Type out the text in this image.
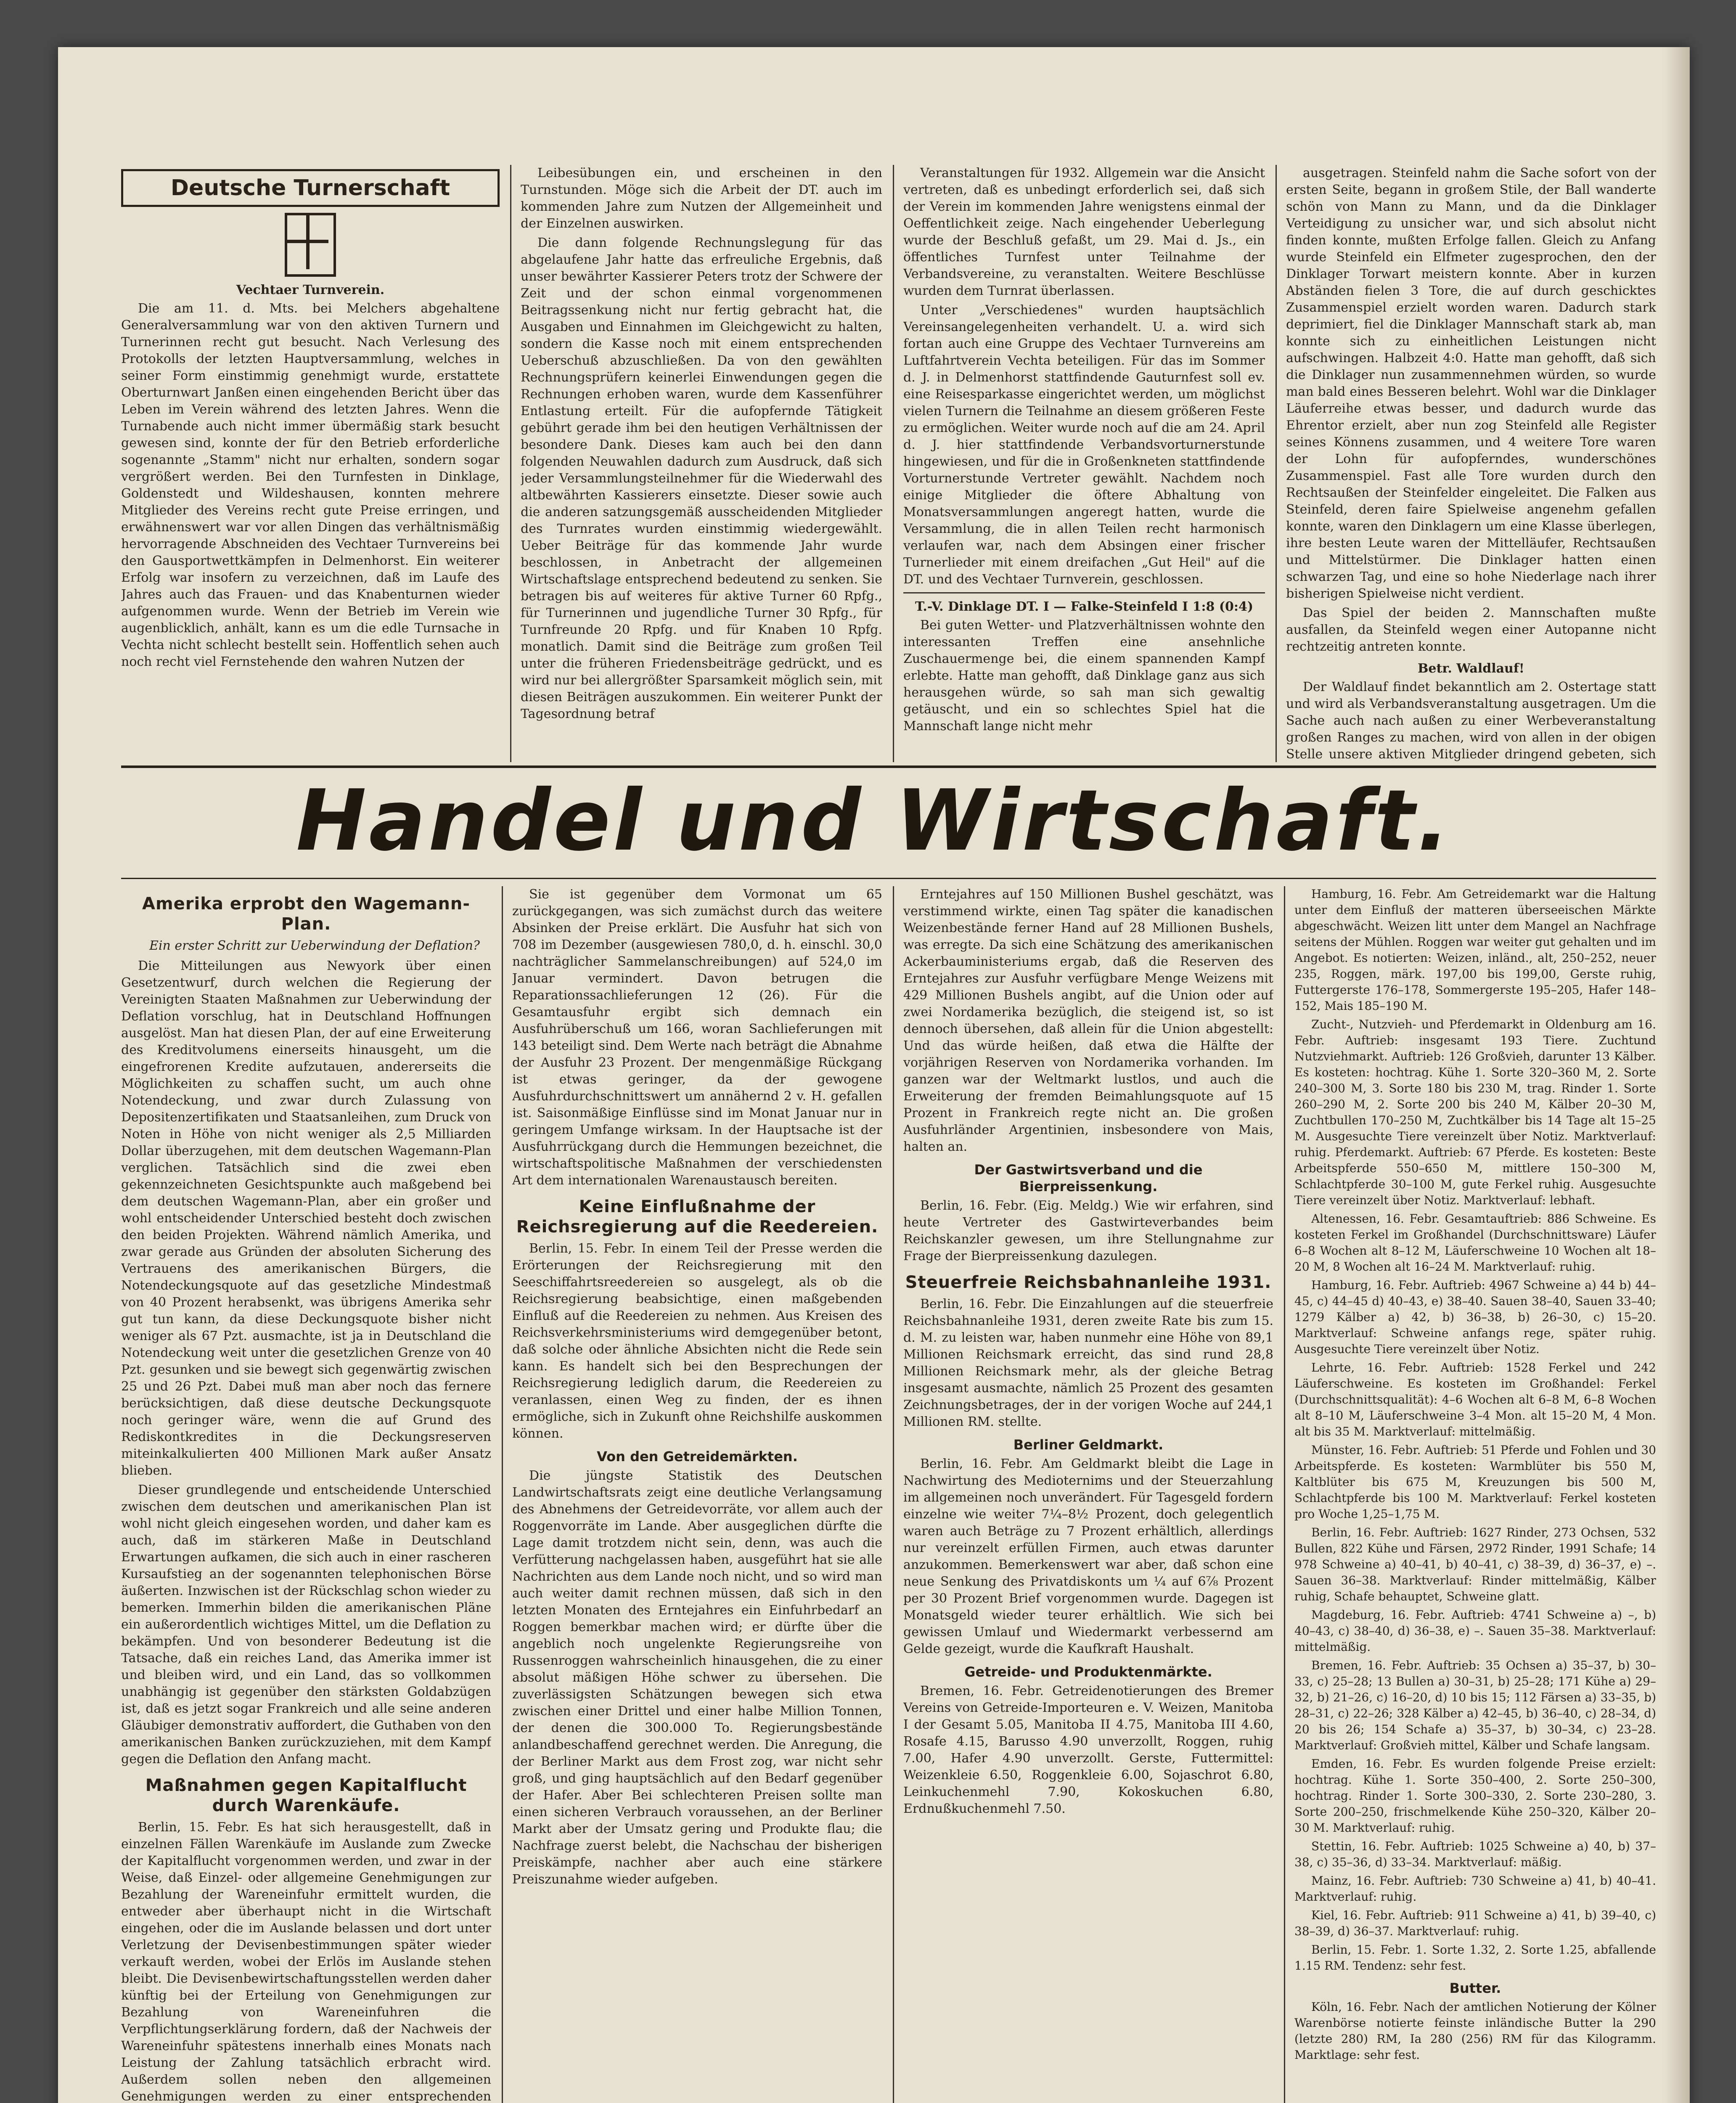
Deutsche Turnerschaft

Vechtaer Turnverein.

Die am 11. d. Mts. bei Melchers abgehaltene Generalversammlung war von den aktiven Turnern und Turnerinnen recht gut besucht. Nach Verlesung des Protokolls der letzten Hauptversammlung, welches in seiner Form einstimmig genehmigt wurde, erstattete Oberturnwart Janßen einen eingehenden Bericht über das Leben im Verein während des letzten Jahres. Wenn die Turnabende auch nicht immer übermäßig stark besucht gewesen sind, konnte der für den Betrieb erforderliche sogenannte „Stamm" nicht nur erhalten, sondern sogar vergrößert werden. Bei den Turnfesten in Dinklage, Goldenstedt und Wildeshausen, konnten mehrere Mitglieder des Vereins recht gute Preise erringen, und erwähnenswert war vor allen Dingen das verhältnismäßig hervorragende Abschneiden des Vechtaer Turnvereins bei den Gausportwettkämpfen in Delmenhorst. Ein weiterer Erfolg war insofern zu verzeichnen, daß im Laufe des Jahres auch das Frauen- und das Knabenturnen wieder aufgenommen wurde. Wenn der Betrieb im Verein wie augenblicklich, anhält, kann es um die edle Turnsache in Vechta nicht schlecht bestellt sein. Hoffentlich sehen auch noch recht viel Fernstehende den wahren Nutzen der

Leibesübungen ein, und erscheinen in den Turnstunden. Möge sich die Arbeit der DT. auch im kommenden Jahre zum Nutzen der Allgemeinheit und der Einzelnen auswirken.

Die dann folgende Rechnungslegung für das abgelaufene Jahr hatte das erfreuliche Ergebnis, daß unser bewährter Kassierer Peters trotz der Schwere der Zeit und der schon einmal vorgenommenen Beitragssenkung nicht nur fertig gebracht hat, die Ausgaben und Einnahmen im Gleichgewicht zu halten, sondern die Kasse noch mit einem entsprechenden Ueberschuß abzuschließen. Da von den gewählten Rechnungsprüfern keinerlei Einwendungen gegen die Rechnungen erhoben waren, wurde dem Kassenführer Entlastung erteilt. Für die aufopfernde Tätigkeit gebührt gerade ihm bei den heutigen Verhältnissen der besondere Dank. Dieses kam auch bei den dann folgenden Neuwahlen dadurch zum Ausdruck, daß sich jeder Versammlungsteilnehmer für die Wiederwahl des altbewährten Kassierers einsetzte. Dieser sowie auch die anderen satzungsgemäß ausscheidenden Mitglieder des Turnrates wurden einstimmig wiedergewählt. Ueber Beiträge für das kommende Jahr wurde beschlossen, in Anbetracht der allgemeinen Wirtschaftslage entsprechend bedeutend zu senken. Sie betragen bis auf weiteres für aktive Turner 60 Rpfg., für Turnerinnen und jugendliche Turner 30 Rpfg., für Turnfreunde 20 Rpfg. und für Knaben 10 Rpfg. monatlich. Damit sind die Beiträge zum großen Teil unter die früheren Friedensbeiträge gedrückt, und es wird nur bei allergrößter Sparsamkeit möglich sein, mit diesen Beiträgen auszukommen. Ein weiterer Punkt der Tagesordnung betraf

Veranstaltungen für 1932. Allgemein war die Ansicht vertreten, daß es unbedingt erforderlich sei, daß sich der Verein im kommenden Jahre wenigstens einmal der Oeffentlichkeit zeige. Nach eingehender Ueberlegung wurde der Beschluß gefaßt, um 29. Mai d. Js., ein öffentliches Turnfest unter Teilnahme der Verbandsvereine, zu veranstalten. Weitere Beschlüsse wurden dem Turnrat überlassen.

Unter „Verschiedenes" wurden hauptsächlich Vereinsangelegenheiten verhandelt. U. a. wird sich fortan auch eine Gruppe des Vechtaer Turnvereins am Luftfahrtverein Vechta beteiligen. Für das im Sommer d. J. in Delmenhorst stattfindende Gauturnfest soll ev. eine Reisesparkasse eingerichtet werden, um möglichst vielen Turnern die Teilnahme an diesem größeren Feste zu ermöglichen. Weiter wurde noch auf die am 24. April d. J. hier stattfindende Verbandsvorturnerstunde hingewiesen, und für die in Großenkneten stattfindende Vorturnerstunde Vertreter gewählt. Nachdem noch einige Mitglieder die öftere Abhaltung von Monatsversammlungen angeregt hatten, wurde die Versammlung, die in allen Teilen recht harmonisch verlaufen war, nach dem Absingen einer frischer Turnerlieder mit einem dreifachen „Gut Heil" auf die DT. und des Vechtaer Turnverein, geschlossen.

T.-V. Dinklage DT. I — Falke-Steinfeld I 1:8 (0:4)

Bei guten Wetter- und Platzverhältnissen wohnte den interessanten Treffen eine ansehnliche Zuschauermenge bei, die einem spannenden Kampf erlebte. Hatte man gehofft, daß Dinklage ganz aus sich herausgehen würde, so sah man sich gewaltig getäuscht, und ein so schlechtes Spiel hat die Mannschaft lange nicht mehr

ausgetragen. Steinfeld nahm die Sache sofort von der ersten Seite, begann in großem Stile, der Ball wanderte schön von Mann zu Mann, und da die Dinklager Verteidigung zu unsicher war, und sich absolut nicht finden konnte, mußten Erfolge fallen. Gleich zu Anfang wurde Steinfeld ein Elfmeter zugesprochen, den der Dinklager Torwart meistern konnte. Aber in kurzen Abständen fielen 3 Tore, die auf durch geschicktes Zusammenspiel erzielt worden waren. Dadurch stark deprimiert, fiel die Dinklager Mannschaft stark ab, man konnte sich zu einheitlichen Leistungen nicht aufschwingen. Halbzeit 4:0. Hatte man gehofft, daß sich die Dinklager nun zusammennehmen würden, so wurde man bald eines Besseren belehrt. Wohl war die Dinklager Läuferreihe etwas besser, und dadurch wurde das Ehrentor erzielt, aber nun zog Steinfeld alle Register seines Könnens zusammen, und 4 weitere Tore waren der Lohn für aufopferndes, wunderschönes Zusammenspiel. Fast alle Tore wurden durch den Rechtsaußen der Steinfelder eingeleitet. Die Falken aus Steinfeld, deren faire Spielweise angenehm gefallen konnte, waren den Dinklagern um eine Klasse überlegen, ihre besten Leute waren der Mittelläufer, Rechtsaußen und Mittelstürmer. Die Dinklager hatten einen schwarzen Tag, und eine so hohe Niederlage nach ihrer bisherigen Spielweise nicht verdient.

Das Spiel der beiden 2. Mannschaften mußte ausfallen, da Steinfeld wegen einer Autopanne nicht rechtzeitig antreten konnte.

Betr. Waldlauf!

Der Waldlauf findet bekanntlich am 2. Ostertage statt und wird als Verbandsveranstaltung ausgetragen. Um die Sache auch nach außen zu einer Werbeveranstaltung großen Ranges zu machen, wird von allen in der obigen Stelle unsere aktiven Mitglieder dringend gebeten, sich

Handel und Wirtschaft.
Amerika erprobt den Wagemann-Plan.

Ein erster Schritt zur Ueberwindung der Deflation?

Die Mitteilungen aus Newyork über einen Gesetzentwurf, durch welchen die Regierung der Vereinigten Staaten Maßnahmen zur Ueberwindung der Deflation vorschlug, hat in Deutschland Hoffnungen ausgelöst. Man hat diesen Plan, der auf eine Erweiterung des Kreditvolumens einerseits hinausgeht, um die eingefrorenen Kredite aufzutauen, andererseits die Möglichkeiten zu schaffen sucht, um auch ohne Notendeckung, und zwar durch Zulassung von Depositenzertifikaten und Staatsanleihen, zum Druck von Noten in Höhe von nicht weniger als 2,5 Milliarden Dollar überzugehen, mit dem deutschen Wagemann-Plan verglichen. Tatsächlich sind die zwei eben gekennzeichneten Gesichtspunkte auch maßgebend bei dem deutschen Wagemann-Plan, aber ein großer und wohl entscheidender Unterschied besteht doch zwischen den beiden Projekten. Während nämlich Amerika, und zwar gerade aus Gründen der absoluten Sicherung des Vertrauens des amerikanischen Bürgers, die Notendeckungsquote auf das gesetzliche Mindestmaß von 40 Prozent herabsenkt, was übrigens Amerika sehr gut tun kann, da diese Deckungsquote bisher nicht weniger als 67 Pzt. ausmachte, ist ja in Deutschland die Notendeckung weit unter die gesetzlichen Grenze von 40 Pzt. gesunken und sie bewegt sich gegenwärtig zwischen 25 und 26 Pzt. Dabei muß man aber noch das fernere berücksichtigen, daß diese deutsche Deckungsquote noch geringer wäre, wenn die auf Grund des Rediskontkredites in die Deckungsreserven miteinkalkulierten 400 Millionen Mark außer Ansatz blieben.

Dieser grundlegende und entscheidende Unterschied zwischen dem deutschen und amerikanischen Plan ist wohl nicht gleich eingesehen worden, und daher kam es auch, daß im stärkeren Maße in Deutschland Erwartungen aufkamen, die sich auch in einer rascheren Kursaufstieg an der sogenannten telephonischen Börse äußerten. Inzwischen ist der Rückschlag schon wieder zu bemerken. Immerhin bilden die amerikanischen Pläne ein außerordentlich wichtiges Mittel, um die Deflation zu bekämpfen. Und von besonderer Bedeutung ist die Tatsache, daß ein reiches Land, das Amerika immer ist und bleiben wird, und ein Land, das so vollkommen unabhängig ist gegenüber den stärksten Goldabzügen ist, daß es jetzt sogar Frankreich und alle seine anderen Gläubiger demonstrativ auffordert, die Guthaben von den amerikanischen Banken zurückzuziehen, mit dem Kampf gegen die Deflation den Anfang macht.

Maßnahmen gegen Kapitalflucht durch Warenkäufe.

Berlin, 15. Febr. Es hat sich herausgestellt, daß in einzelnen Fällen Warenkäufe im Auslande zum Zwecke der Kapitalflucht vorgenommen werden, und zwar in der Weise, daß Einzel- oder allgemeine Genehmigungen zur Bezahlung der Wareneinfuhr ermittelt wurden, die entweder aber überhaupt nicht in die Wirtschaft eingehen, oder die im Auslande belassen und dort unter Verletzung der Devisenbestimmungen später wieder verkauft werden, wobei der Erlös im Auslande stehen bleibt. Die Devisenbewirtschaftungsstellen werden daher künftig bei der Erteilung von Genehmigungen zur Bezahlung von Wareneinfuhren die Verpflichtungserklärung fordern, daß der Nachweis der Wareneinfuhr spätestens innerhalb eines Monats nach Leistung der Zahlung tatsächlich erbracht wird. Außerdem sollen neben den allgemeinen Genehmigungen werden zu einer entsprechenden

Sie ist gegenüber dem Vormonat um 65 zurückgegangen, was sich zumächst durch das weitere Absinken der Preise erklärt. Die Ausfuhr hat sich von 708 im Dezember (ausgewiesen 780,0, d. h. einschl. 30,0 nachträglicher Sammelanschreibungen) auf 524,0 im Januar vermindert. Davon betrugen die Reparationssachlieferungen 12 (26). Für die Gesamtausfuhr ergibt sich demnach ein Ausfuhrüberschuß um 166, woran Sachlieferungen mit 143 beteiligt sind. Dem Werte nach beträgt die Abnahme der Ausfuhr 23 Prozent. Der mengenmäßige Rückgang ist etwas geringer, da der gewogene Ausfuhrdurchschnittswert um annähernd 2 v. H. gefallen ist. Saisonmäßige Einflüsse sind im Monat Januar nur in geringem Umfange wirksam. In der Hauptsache ist der Ausfuhrrückgang durch die Hemmungen bezeichnet, die wirtschaftspolitische Maßnahmen der verschiedensten Art dem internationalen Warenaustausch bereiten.

Keine Einflußnahme der Reichsregierung auf die Reedereien.

Berlin, 15. Febr. In einem Teil der Presse werden die Erörterungen der Reichsregierung mit den Seeschiffahrtsreedereien so ausgelegt, als ob die Reichsregierung beabsichtige, einen maßgebenden Einfluß auf die Reedereien zu nehmen. Aus Kreisen des Reichsverkehrsministeriums wird demgegenüber betont, daß solche oder ähnliche Absichten nicht die Rede sein kann. Es handelt sich bei den Besprechungen der Reichsregierung lediglich darum, die Reedereien zu veranlassen, einen Weg zu finden, der es ihnen ermögliche, sich in Zukunft ohne Reichshilfe auskommen können.

Von den Getreidemärkten.

Die jüngste Statistik des Deutschen Landwirtschaftsrats zeigt eine deutliche Verlangsamung des Abnehmens der Getreidevorräte, vor allem auch der Roggenvorräte im Lande. Aber ausgeglichen dürfte die Lage damit trotzdem nicht sein, denn, was auch die Verfütterung nachgelassen haben, ausgeführt hat sie alle Nachrichten aus dem Lande noch nicht, und so wird man auch weiter damit rechnen müssen, daß sich in den letzten Monaten des Erntejahres ein Einfuhrbedarf an Roggen bemerkbar machen wird; er dürfte über die angeblich noch ungelenkte Regierungsreihe von Russenroggen wahrscheinlich hinausgehen, die zu einer absolut mäßigen Höhe schwer zu übersehen. Die zuverlässigsten Schätzungen bewegen sich etwa zwischen einer Drittel und einer halbe Million Tonnen, der denen die 300.000 To. Regierungsbestände anlandbeschaffend gerechnet werden. Die Anregung, die der Berliner Markt aus dem Frost zog, war nicht sehr groß, und ging hauptsächlich auf den Bedarf gegenüber der Hafer. Aber Bei schlechteren Preisen sollte man einen sicheren Verbrauch voraussehen, an der Berliner Markt aber der Umsatz gering und Produkte flau; die Nachfrage zuerst belebt, die Nachschau der bisherigen Preiskämpfe, nachher aber auch eine stärkere Preiszunahme wieder aufgeben.

Erntejahres auf 150 Millionen Bushel geschätzt, was verstimmend wirkte, einen Tag später die kanadischen Weizenbestände ferner Hand auf 28 Millionen Bushels, was erregte. Da sich eine Schätzung des amerikanischen Ackerbauministeriums ergab, daß die Reserven des Erntejahres zur Ausfuhr verfügbare Menge Weizens mit 429 Millionen Bushels angibt, auf die Union oder auf zwei Nordamerika bezüglich, die steigend ist, so ist dennoch übersehen, daß allein für die Union abgestellt: Und das würde heißen, daß etwa die Hälfte der vorjährigen Reserven von Nordamerika vorhanden. Im ganzen war der Weltmarkt lustlos, und auch die Erweiterung der fremden Beimahlungsquote auf 15 Prozent in Frankreich regte nicht an. Die großen Ausfuhrländer Argentinien, insbesondere von Mais, halten an.

Der Gastwirtsverband und die Bierpreissenkung.

Berlin, 16. Febr. (Eig. Meldg.) Wie wir erfahren, sind heute Vertreter des Gastwirteverbandes beim Reichskanzler gewesen, um ihre Stellungnahme zur Frage der Bierpreissenkung dazulegen.

Steuerfreie Reichsbahnanleihe 1931.

Berlin, 16. Febr. Die Einzahlungen auf die steuerfreie Reichsbahnanleihe 1931, deren zweite Rate bis zum 15. d. M. zu leisten war, haben nunmehr eine Höhe von 89,1 Millionen Reichsmark erreicht, das sind rund 28,8 Millionen Reichsmark mehr, als der gleiche Betrag insgesamt ausmachte, nämlich 25 Prozent des gesamten Zeichnungsbetrages, der in der vorigen Woche auf 244,1 Millionen RM. stellte.

Berliner Geldmarkt.

Berlin, 16. Febr. Am Geldmarkt bleibt die Lage in Nachwirtung des Medioternims und der Steuerzahlung im allgemeinen noch unverändert. Für Tagesgeld fordern einzelne wie weiter 7¼–8½ Prozent, doch gelegentlich waren auch Beträge zu 7 Prozent erhältlich, allerdings nur vereinzelt erfüllen Firmen, auch etwas darunter anzukommen. Bemerkenswert war aber, daß schon eine neue Senkung des Privatdiskonts um ¼ auf 6⅞ Prozent per 30 Prozent Brief vorgenommen wurde. Dagegen ist Monatsgeld wieder teurer erhältlich. Wie sich bei gewissen Umlauf und Wiedermarkt verbessernd am Gelde gezeigt, wurde die Kaufkraft Haushalt.

Getreide- und Produktenmärkte.

Bremen, 16. Febr. Getreidenotierungen des Bremer Vereins von Getreide-Importeuren e. V. Weizen, Manitoba I der Gesamt 5.05, Manitoba II 4.75, Manitoba III 4.60, Rosafe 4.15, Barusso 4.90 unverzollt, Roggen, ruhig 7.00, Hafer 4.90 unverzollt. Gerste, Futtermittel: Weizenkleie 6.50, Roggenkleie 6.00, Sojaschrot 6.80, Leinkuchenmehl 7.90, Kokoskuchen 6.80, Erdnußkuchenmehl 7.50.

Hamburg, 16. Febr. Am Getreidemarkt war die Haltung unter dem Einfluß der matteren überseeischen Märkte abgeschwächt. Weizen litt unter dem Mangel an Nachfrage seitens der Mühlen. Roggen war weiter gut gehalten und im Angebot. Es notierten: Weizen, inländ., alt, 250–252, neuer 235, Roggen, märk. 197,00 bis 199,00, Gerste ruhig, Futtergerste 176–178, Sommergerste 195–205, Hafer 148–152, Mais 185–190 M.

Zucht-, Nutzvieh- und Pferdemarkt in Oldenburg am 16. Febr. Auftrieb: insgesamt 193 Tiere. Zuchtund Nutzviehmarkt. Auftrieb: 126 Großvieh, darunter 13 Kälber. Es kosteten: hochtrag. Kühe 1. Sorte 320–360 M, 2. Sorte 240–300 M, 3. Sorte 180 bis 230 M, trag. Rinder 1. Sorte 260–290 M, 2. Sorte 200 bis 240 M, Kälber 20–30 M, Zuchtbullen 170–250 M, Zuchtkälber bis 14 Tage alt 15–25 M. Ausgesuchte Tiere vereinzelt über Notiz. Marktverlauf: ruhig. Pferdemarkt. Auftrieb: 67 Pferde. Es kosteten: Beste Arbeitspferde 550–650 M, mittlere 150–300 M, Schlachtpferde 30–100 M, gute Ferkel ruhig. Ausgesuchte Tiere vereinzelt über Notiz. Marktverlauf: lebhaft.

Altenessen, 16. Febr. Gesamtauftrieb: 886 Schweine. Es kosteten Ferkel im Großhandel (Durchschnittsware) Läufer 6–8 Wochen alt 8–12 M, Läuferschweine 10 Wochen alt 18–20 M, 8 Wochen alt 16–24 M. Marktverlauf: ruhig.

Hamburg, 16. Febr. Auftrieb: 4967 Schweine a) 44 b) 44–45, c) 44–45 d) 40–43, e) 38–40. Sauen 38–40, Sauen 33–40; 1279 Kälber a) 42, b) 36–38, b) 26–30, c) 15–20. Marktverlauf: Schweine anfangs rege, später ruhig. Ausgesuchte Tiere vereinzelt über Notiz.

Lehrte, 16. Febr. Auftrieb: 1528 Ferkel und 242 Läuferschweine. Es kosteten im Großhandel: Ferkel (Durchschnittsqualität): 4–6 Wochen alt 6–8 M, 6–8 Wochen alt 8–10 M, Läuferschweine 3–4 Mon. alt 15–20 M, 4 Mon. alt bis 35 M. Marktverlauf: mittelmäßig.

Münster, 16. Febr. Auftrieb: 51 Pferde und Fohlen und 30 Arbeitspferde. Es kosteten: Warmblüter bis 550 M, Kaltblüter bis 675 M, Kreuzungen bis 500 M, Schlachtpferde bis 100 M. Marktverlauf: Ferkel kosteten pro Woche 1,25–1,75 M.

Berlin, 16. Febr. Auftrieb: 1627 Rinder, 273 Ochsen, 532 Bullen, 822 Kühe und Färsen, 2972 Rinder, 1991 Schafe; 14 978 Schweine a) 40–41, b) 40–41, c) 38–39, d) 36–37, e) –. Sauen 36–38. Marktverlauf: Rinder mittelmäßig, Kälber ruhig, Schafe behauptet, Schweine glatt.

Magdeburg, 16. Febr. Auftrieb: 4741 Schweine a) –, b) 40–43, c) 38–40, d) 36–38, e) –. Sauen 35–38. Marktverlauf: mittelmäßig.

Bremen, 16. Febr. Auftrieb: 35 Ochsen a) 35–37, b) 30–33, c) 25–28; 13 Bullen a) 30–31, b) 25–28; 171 Kühe a) 29–32, b) 21–26, c) 16–20, d) 10 bis 15; 112 Färsen a) 33–35, b) 28–31, c) 22–26; 328 Kälber a) 42–45, b) 36–40, c) 28–34, d) 20 bis 26; 154 Schafe a) 35–37, b) 30–34, c) 23–28. Marktverlauf: Großvieh mittel, Kälber und Schafe langsam.

Emden, 16. Febr. Es wurden folgende Preise erzielt: hochtrag. Kühe 1. Sorte 350–400, 2. Sorte 250–300, hochtrag. Rinder 1. Sorte 300–330, 2. Sorte 230–280, 3. Sorte 200–250, frischmelkende Kühe 250–320, Kälber 20–30 M. Marktverlauf: ruhig.

Stettin, 16. Febr. Auftrieb: 1025 Schweine a) 40, b) 37–38, c) 35–36, d) 33–34. Marktverlauf: mäßig.

Mainz, 16. Febr. Auftrieb: 730 Schweine a) 41, b) 40–41. Marktverlauf: ruhig.

Kiel, 16. Febr. Auftrieb: 911 Schweine a) 41, b) 39–40, c) 38–39, d) 36–37. Marktverlauf: ruhig.

Berlin, 15. Febr. 1. Sorte 1.32, 2. Sorte 1.25, abfallende 1.15 RM. Tendenz: sehr fest.

Butter.

Köln, 16. Febr. Nach der amtlichen Notierung der Kölner Warenbörse notierte feinste inländische Butter la 290 (letzte 280) RM, Ia 280 (256) RM für das Kilogramm. Marktlage: sehr fest.
